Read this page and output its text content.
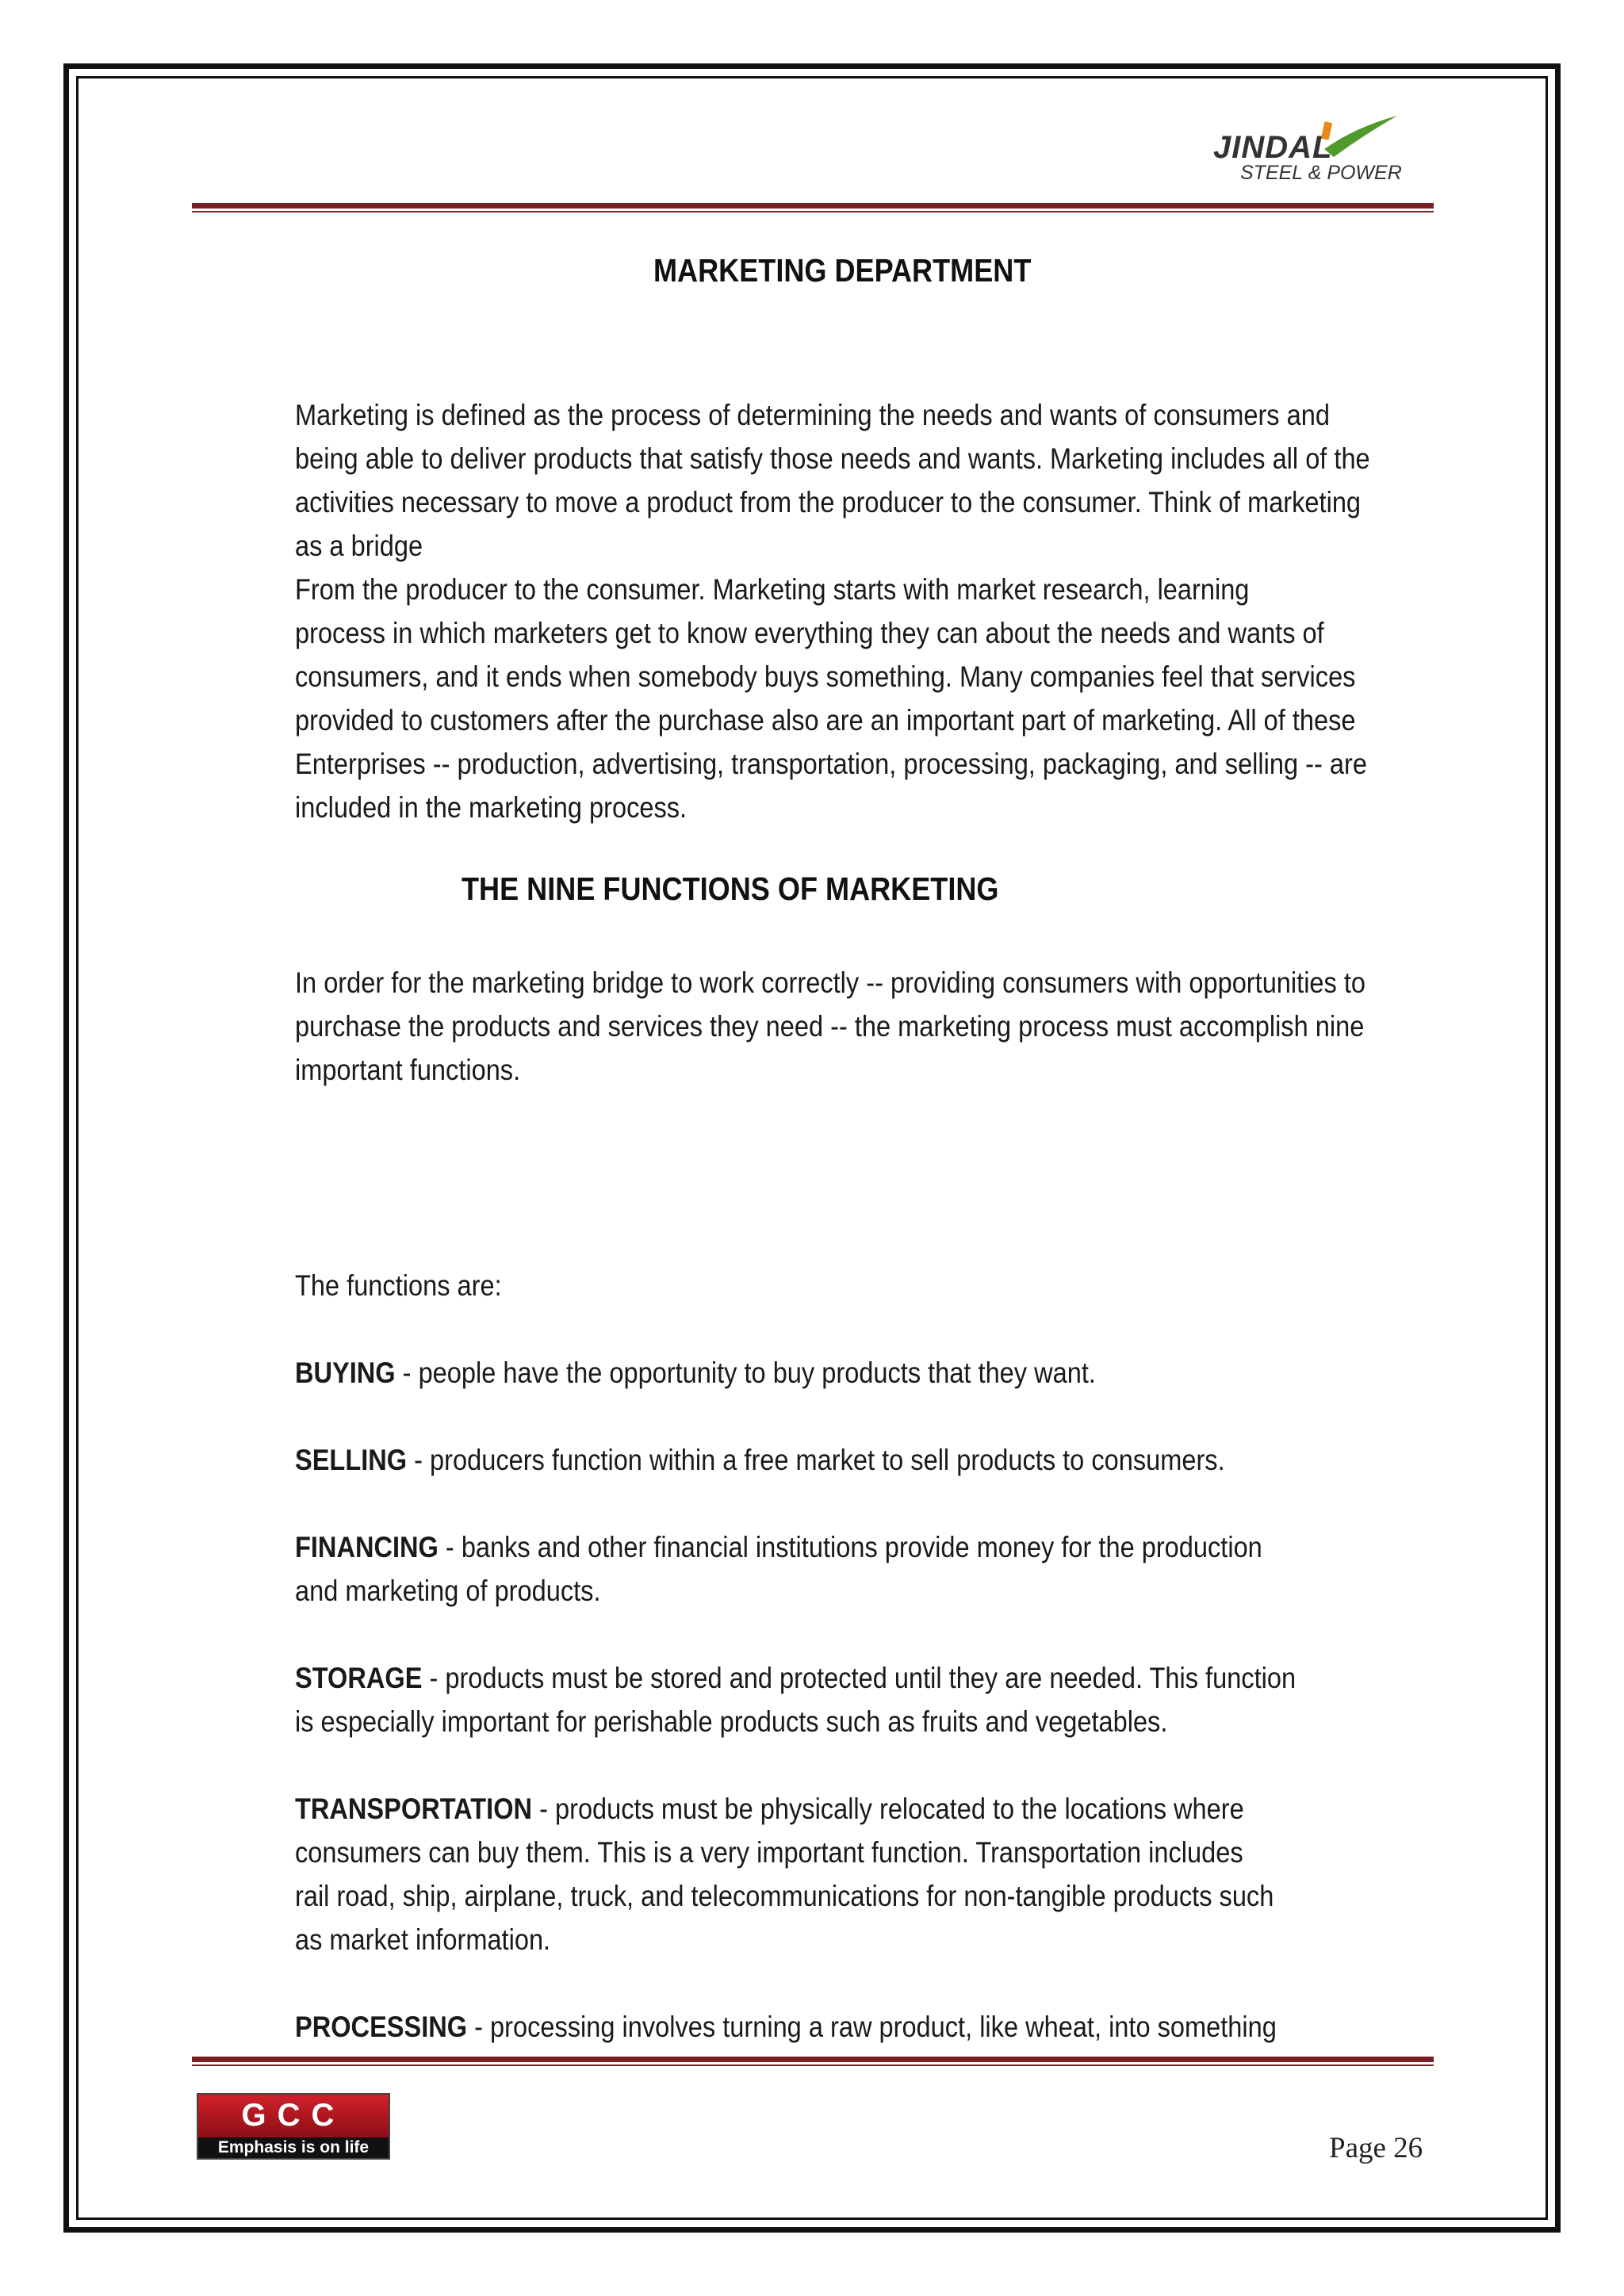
JINDAL
STEEL & POWER
MARKETING DEPARTMENT
Marketing is defined as the process of determining the needs and wants of consumers and
being able to deliver products that satisfy those needs and wants. Marketing includes all of the
activities necessary to move a product from the producer to the consumer. Think of marketing
as a bridge
From the producer to the consumer. Marketing starts with market research, learning
process in which marketers get to know everything they can about the needs and wants of
consumers, and it ends when somebody buys something. Many companies feel that services
provided to customers after the purchase also are an important part of marketing. All of these
Enterprises -- production, advertising, transportation, processing, packaging, and selling -- are
included in the marketing process.
THE NINE FUNCTIONS OF MARKETING
In order for the marketing bridge to work correctly -- providing consumers with opportunities to
purchase the products and services they need -- the marketing process must accomplish nine
important functions.
The functions are:
BUYING - people have the opportunity to buy products that they want.
SELLING - producers function within a free market to sell products to consumers.
FINANCING - banks and other financial institutions provide money for the production
and marketing of products.
STORAGE - products must be stored and protected until they are needed. This function
is especially important for perishable products such as fruits and vegetables.
TRANSPORTATION - products must be physically relocated to the locations where
consumers can buy them. This is a very important function. Transportation includes
rail road, ship, airplane, truck, and telecommunications for non-tangible products such
as market information.
PROCESSING - processing involves turning a raw product, like wheat, into something
GCC
Emphasis is on life	Page 26
